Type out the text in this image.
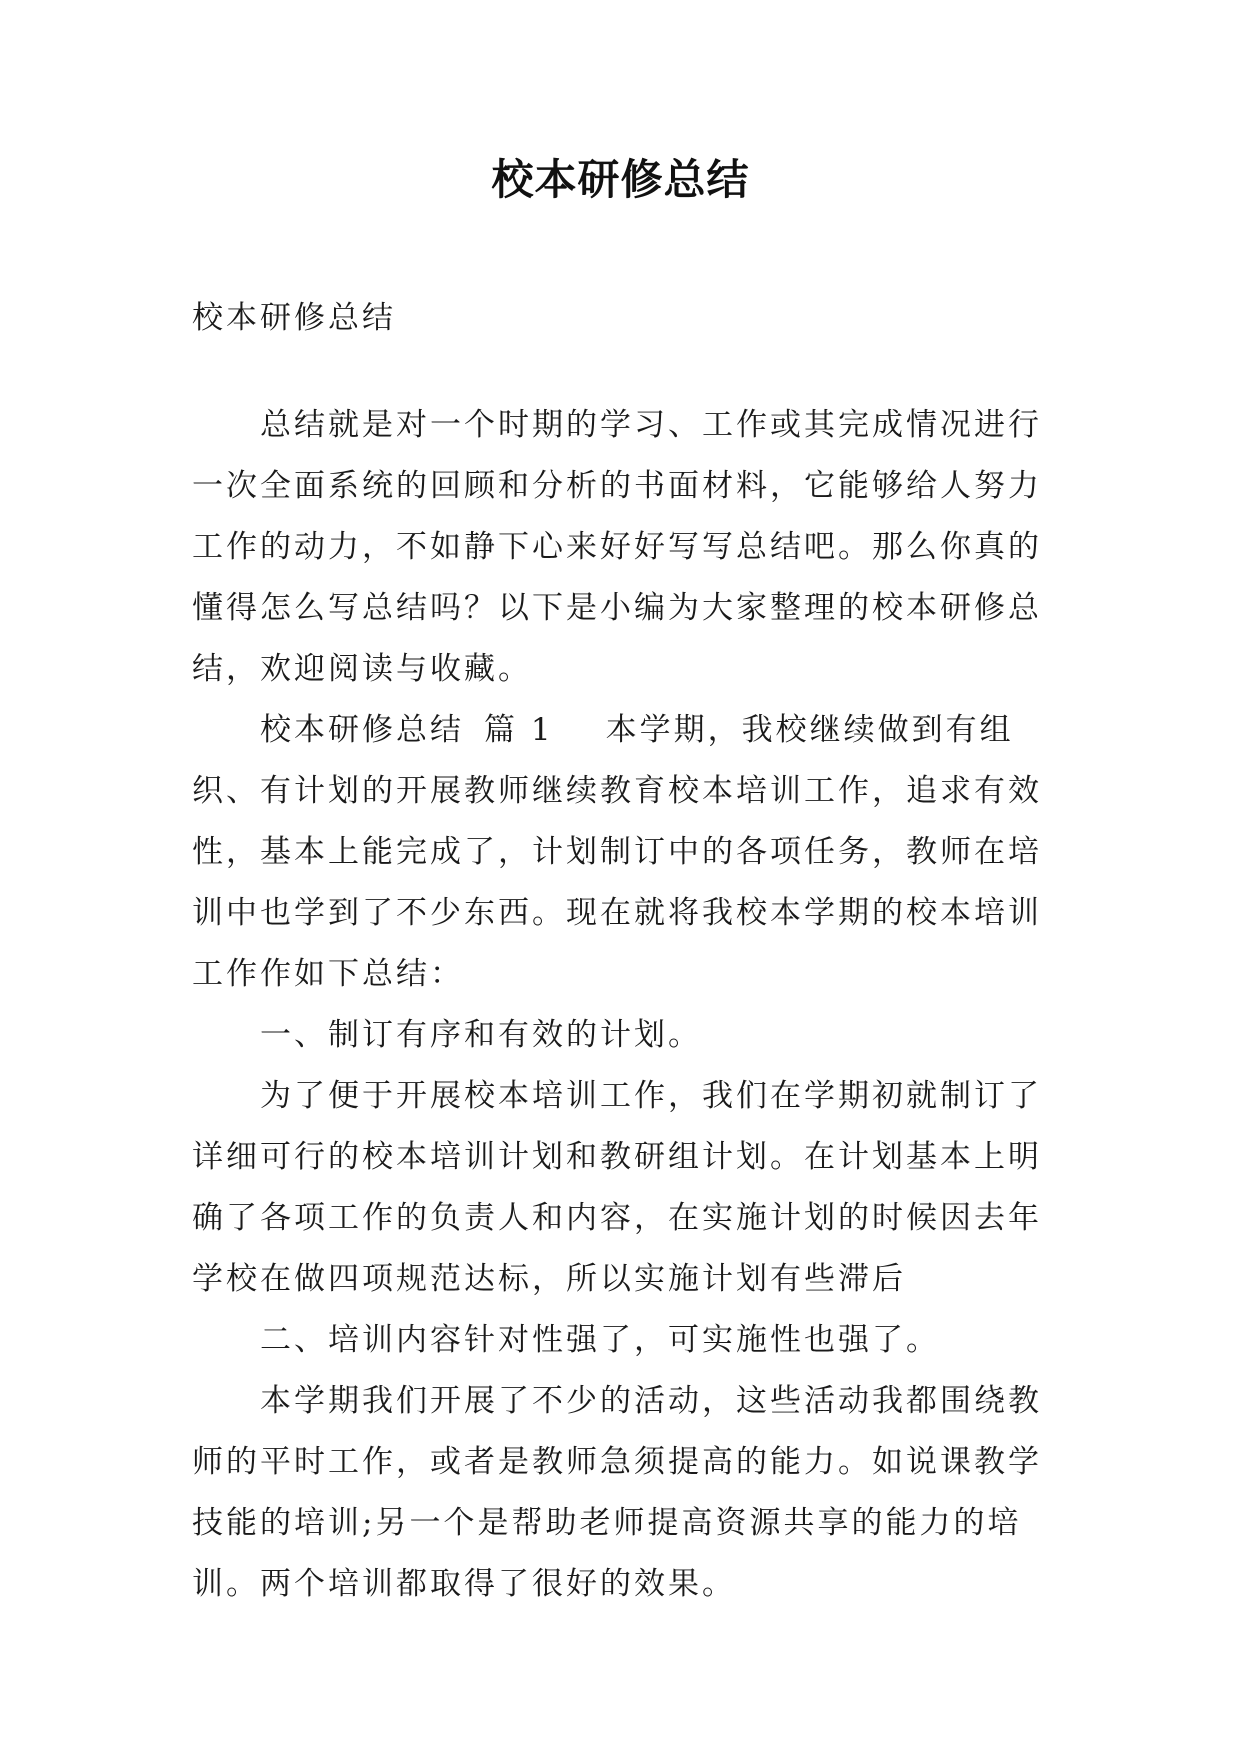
校本研修总结

校本研修总结

总结就是对一个时期的学习、工作或其完成情况进行一次全面系统的回顾和分析的书面材料，它能够给人努力工作的动力，不如静下心来好好写写总结吧。那么你真的懂得怎么写总结吗？以下是小编为大家整理的校本研修总结，欢迎阅读与收藏。

校本研修总结 篇 1 本学期，我校继续做到有组织、有计划的开展教师继续教育校本培训工作，追求有效性，基本上能完成了，计划制订中的各项任务，教师在培训中也学到了不少东西。现在就将我校本学期的校本培训工作作如下总结：

一、制订有序和有效的计划。

为了便于开展校本培训工作，我们在学期初就制订了详细可行的校本培训计划和教研组计划。在计划基本上明确了各项工作的负责人和内容，在实施计划的时候因去年学校在做四项规范达标，所以实施计划有些滞后

二、培训内容针对性强了，可实施性也强了。

本学期我们开展了不少的活动，这些活动我都围绕教师的平时工作，或者是教师急须提高的能力。如说课教学技能的培训;另一个是帮助老师提高资源共享的能力的培训。两个培训都取得了很好的效果。
